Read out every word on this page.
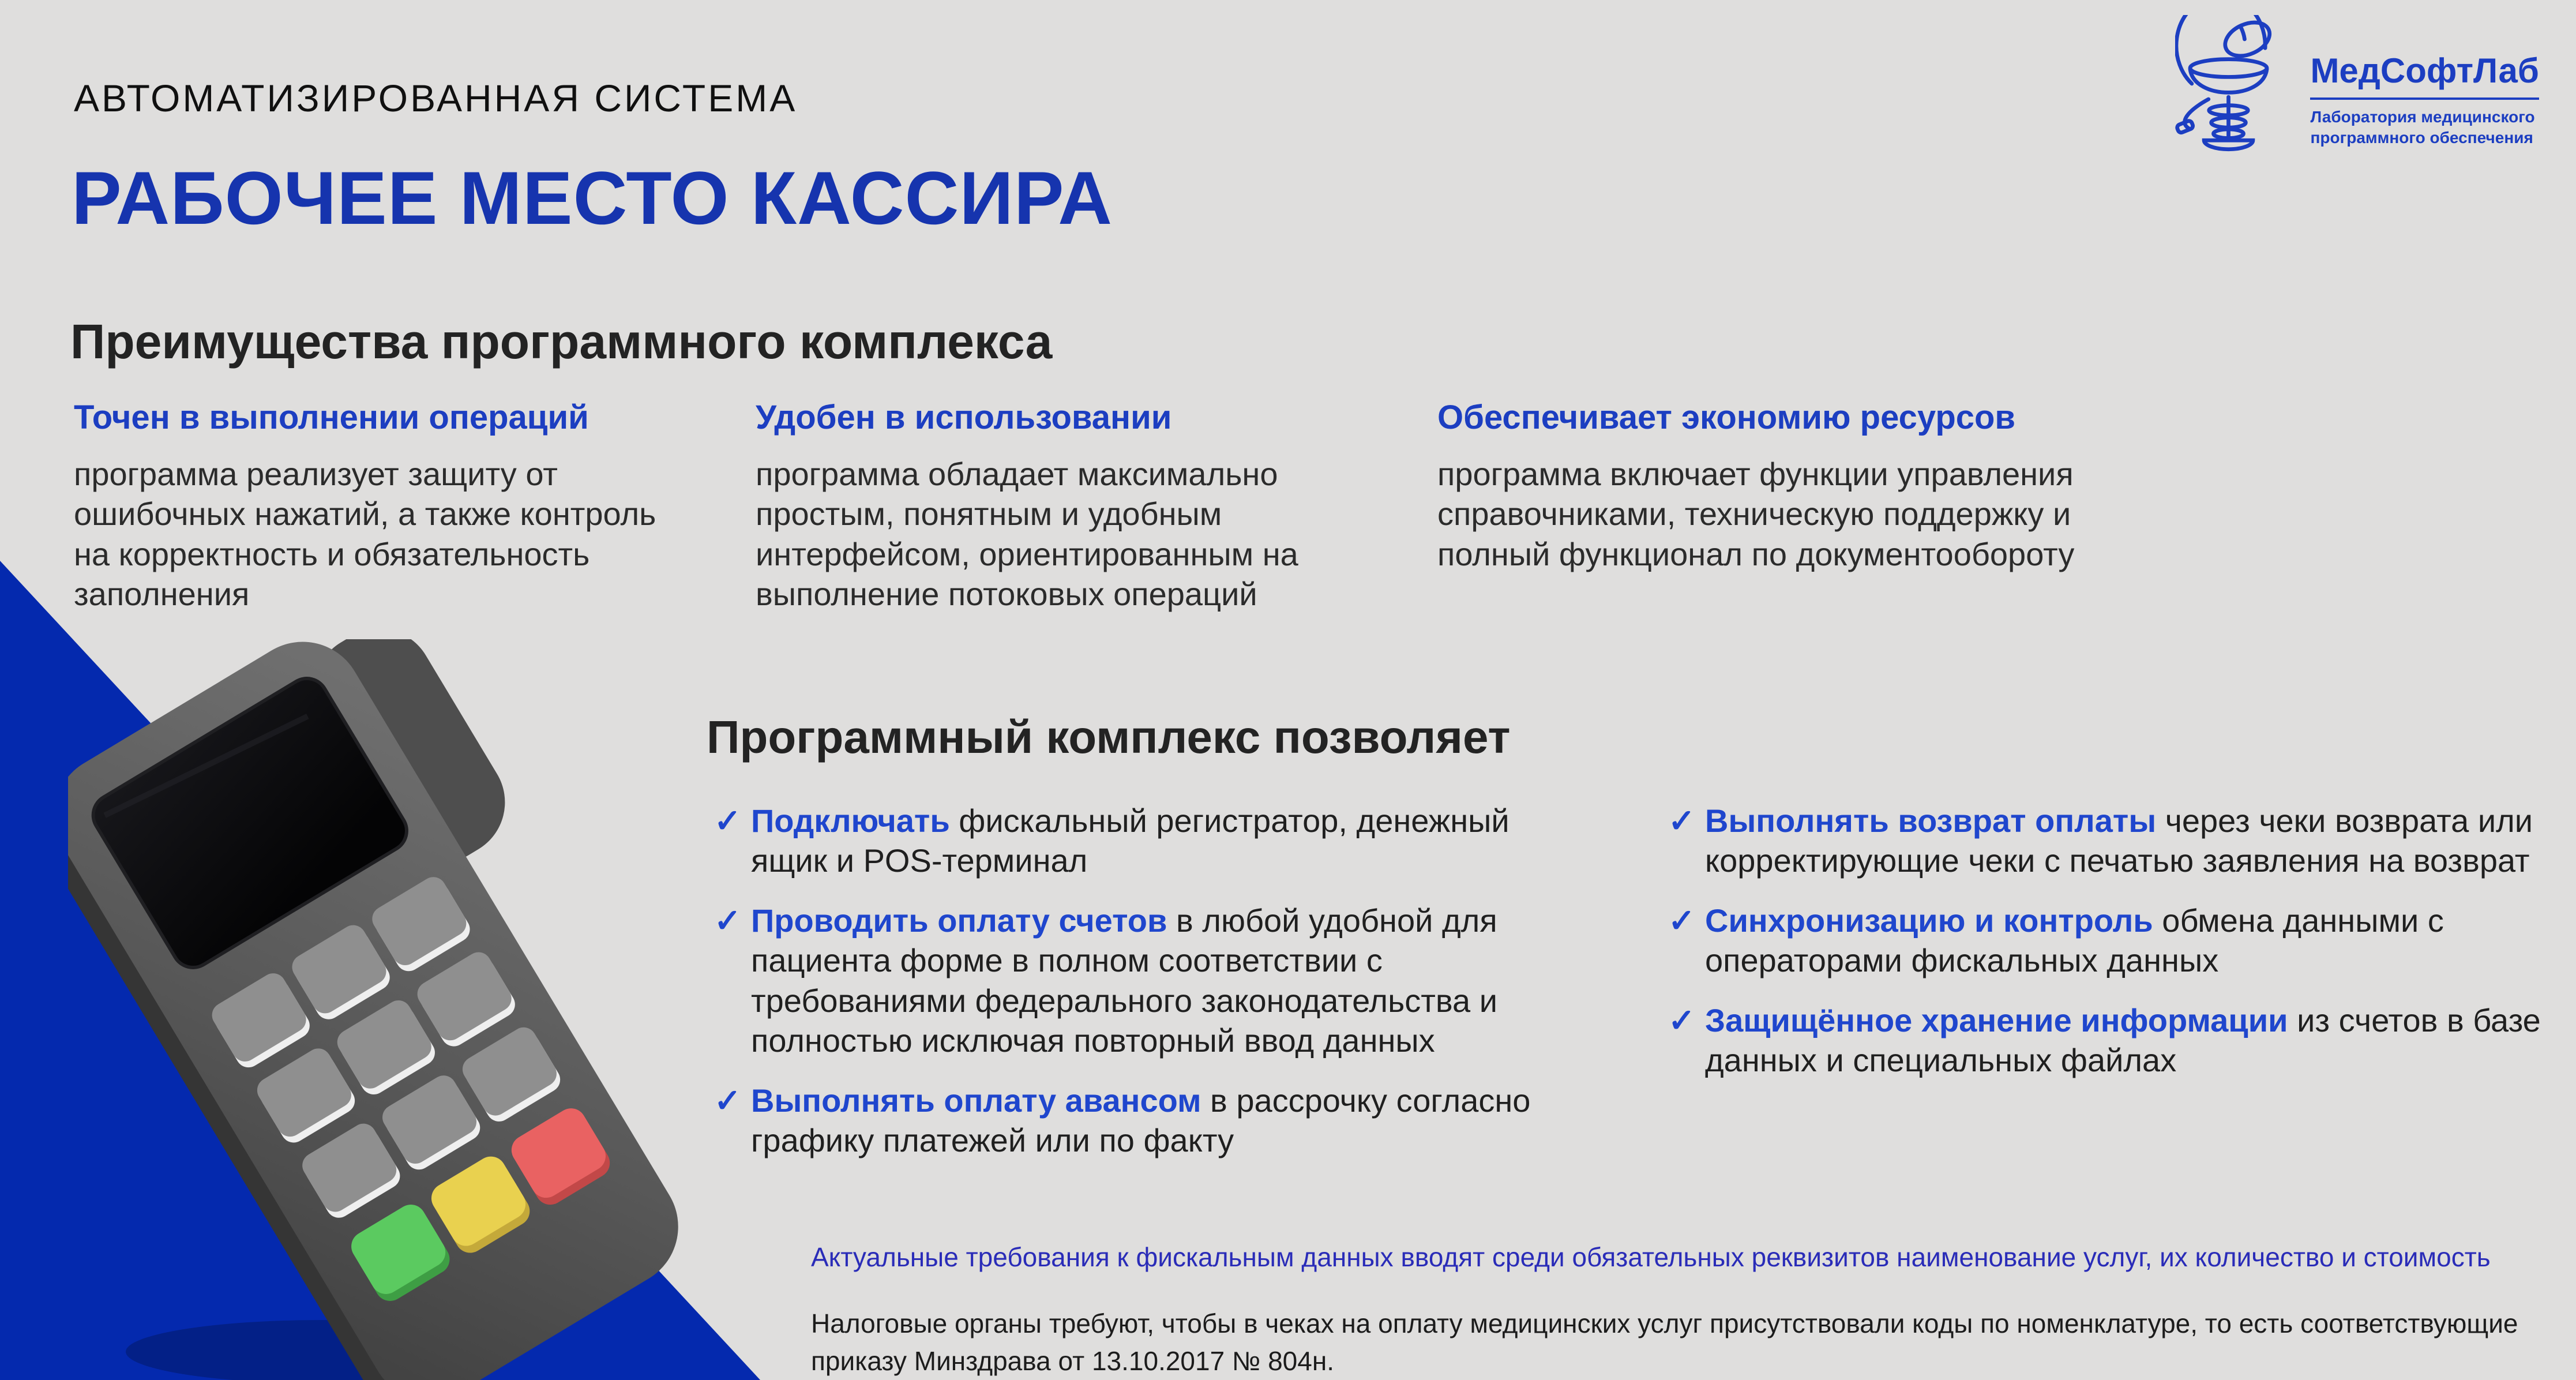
АВТОМАТИЗИРОВАННАЯ СИСТЕМА
РАБОЧЕЕ МЕСТО КАССИРА
МедСофтЛаб
Лаборатория медицинского
программного обеспечения
Преимущества программного комплекса
Точен в выполнении операций

программа реализует защиту от ошибочных нажатий, а также контроль на корректность и обязательность заполнения

Удобен в использовании

программа обладает максимально простым, понятным и удобным интерфейсом, ориентированным на выполнение потоковых операций

Обеспечивает экономию ресурсов

программа включает функции управления справочниками, техническую поддержку и полный функционал по документообороту

Программный комплекс позволяет
✓ Подключать фискальный регистратор, денежный ящик и POS-терминал
✓ Проводить оплату счетов в любой удобной для пациента форме в полном соответствии с требованиями федерального законодательства и полностью исключая повторный ввод данных
✓ Выполнять оплату авансом в рассрочку согласно графику платежей или по факту
✓ Выполнять возврат оплаты через чеки возврата или корректирующие чеки с печатью заявления на возврат
✓ Синхронизацию и контроль обмена данными с операторами фискальных данных
✓ Защищённое хранение информации из счетов в базе данных и специальных файлах

Актуальные требования к фискальным данных вводят среди обязательных реквизитов наименование услуг, их количество и стоимость

Налоговые органы требуют, чтобы в чеках на оплату медицинских услуг присутствовали коды по номенклатуре, то есть соответствующие приказу Минздрава от 13.10.2017 № 804н.
